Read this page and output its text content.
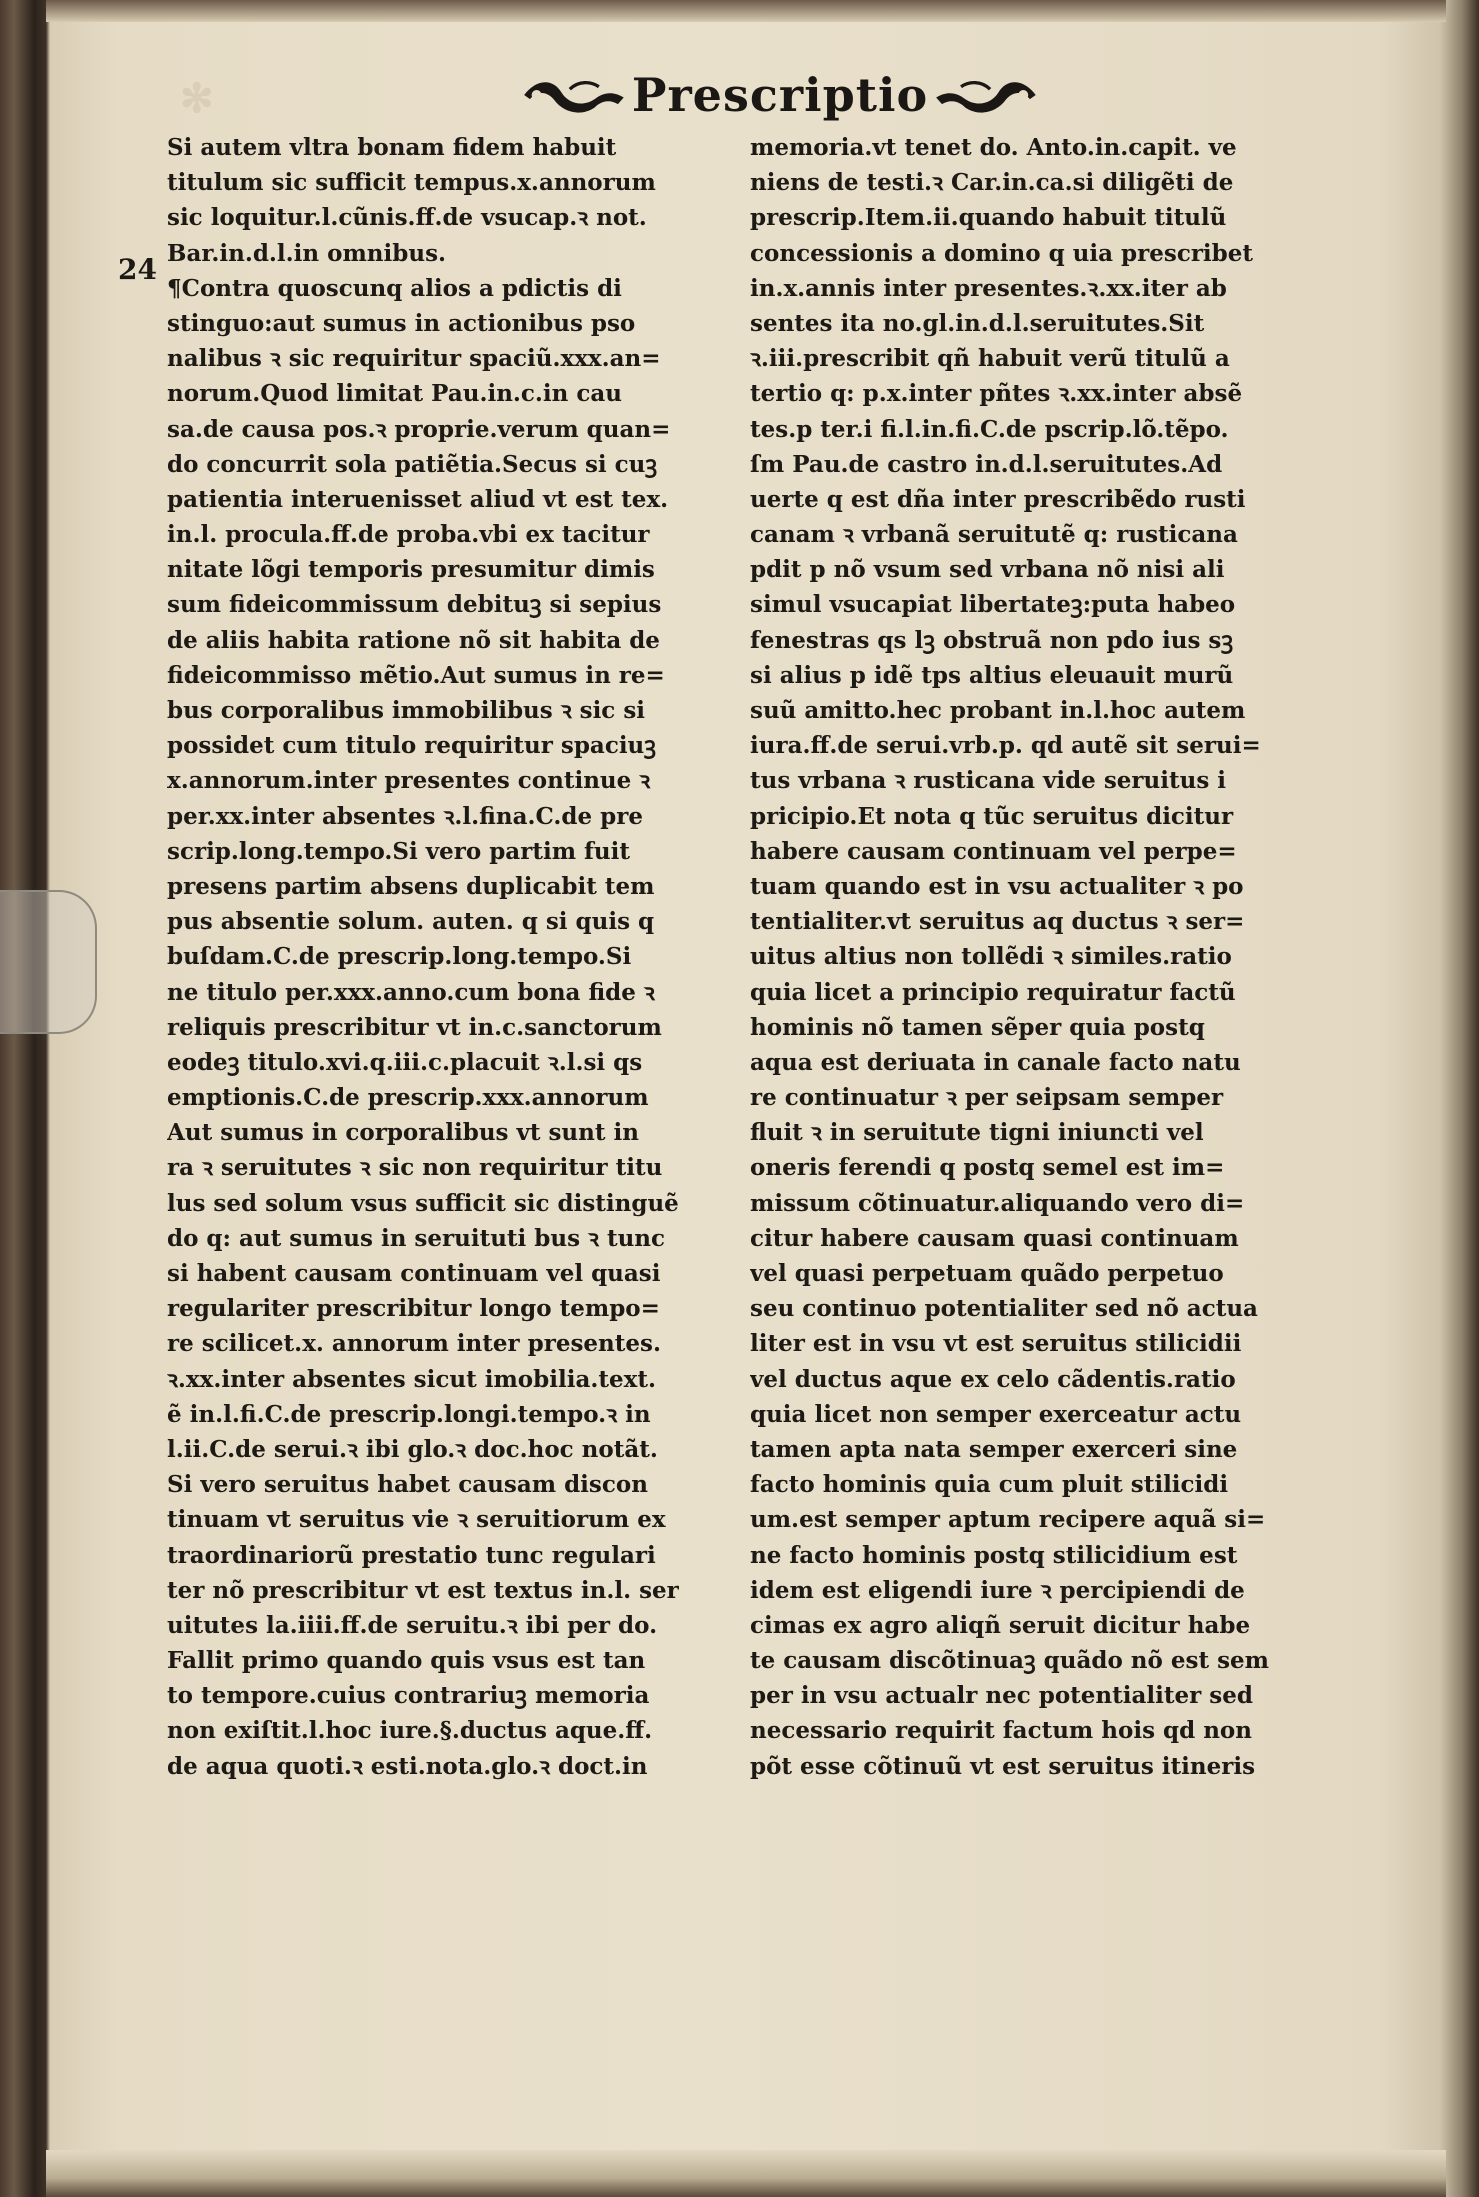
✻	Prescriptio
24
Si autem vltra bonam fidem habuit
titulum sic sufficit tempus.x.annorum
sic loquitur.l.cũnis.ff.de vsucap.ꝛ not.
Bar.in.d.l.in omnibus.
¶Contra quoscunq alios a pdictis di
stinguo:aut sumus in actionibus pso
nalibus ꝛ sic requiritur spaciũ.xxx.an=
norum.Quod limitat Pau.in.c.in cau
sa.de causa pos.ꝛ proprie.verum quan=
do concurrit sola patiẽtia.Secus si cuꝫ
patientia interuenisset aliud vt est tex.
in.l. procula.ff.de proba.vbi ex tacitur
nitate lõgi temporis presumitur dimis
sum fideicommissum debituꝫ si sepius
de aliis habita ratione nõ sit habita de
fideicommisso mẽtio.Aut sumus in re=
bus corporalibus immobilibus ꝛ sic si
possidet cum titulo requiritur spaciuꝫ
x.annorum.inter presentes continue ꝛ
per.xx.inter absentes ꝛ.l.fina.C.de pre
scrip.long.tempo.Si vero partim fuit
presens partim absens duplicabit tem
pus absentie solum. auten. q si quis q
buſdam.C.de prescrip.long.tempo.Si
ne titulo per.xxx.anno.cum bona fide ꝛ
reliquis prescribitur vt in.c.sanctorum
eodeꝫ titulo.xvi.q.iii.c.placuit ꝛ.l.si qs
emptionis.C.de prescrip.xxx.annorum
Aut sumus in corporalibus vt sunt in
ra ꝛ seruitutes ꝛ sic non requiritur titu
lus sed solum vsus sufficit sic distinguẽ
do q: aut sumus in seruituti bus ꝛ tunc
si habent causam continuam vel quasi
regulariter prescribitur longo tempo=
re scilicet.x. annorum inter presentes.
ꝛ.xx.inter absentes sicut imobilia.text.
ẽ in.l.fi.C.de prescrip.longi.tempo.ꝛ in
l.ii.C.de serui.ꝛ ibi glo.ꝛ doc.hoc notãt.
Si vero seruitus habet causam discon
tinuam vt seruitus vie ꝛ seruitiorum ex
traordinariorũ prestatio tunc regulari
ter nõ prescribitur vt est textus in.l. ser
uitutes la.iiii.ff.de seruitu.ꝛ ibi per do.
Fallit primo quando quis vsus est tan
to tempore.cuius contrariuꝫ memoria
non exiſtit.l.hoc iure.§.ductus aque.ff.
de aqua quoti.ꝛ esti.nota.glo.ꝛ doct.in
memoria.vt tenet do. Anto.in.capit. ve
niens de testi.ꝛ Car.in.ca.si diligẽti de
prescrip.Item.ii.quando habuit titulũ
concessionis a domino q uia prescribet
in.x.annis inter presentes.ꝛ.xx.iter ab
sentes ita no.gl.in.d.l.seruitutes.Sit
ꝛ.iii.prescribit qñ habuit verũ titulũ a
tertio q: p.x.inter pñtes ꝛ.xx.inter absẽ
tes.p ter.i fi.l.in.fi.C.de pscrip.lõ.tẽpo.
ſm Pau.de castro in.d.l.seruitutes.Ad
uerte q est dña inter prescribẽdo rusti
canam ꝛ vrbanã seruitutẽ q: rusticana
pdit p nõ vsum sed vrbana nõ nisi ali
simul vsucapiat libertateꝫ:puta habeo
fenestras qs lꝫ obstruã non pdo ius sꝫ
si alius p idẽ tps altius eleuauit murũ
suũ amitto.hec probant in.l.hoc autem
iura.ff.de serui.vrb.p. qd autẽ sit serui=
tus vrbana ꝛ rusticana vide seruitus i
pricipio.Et nota q tũc seruitus dicitur
habere causam continuam vel perpe=
tuam quando est in vsu actualiter ꝛ po
tentialiter.vt seruitus aq ductus ꝛ ser=
uitus altius non tollẽdi ꝛ similes.ratio
quia licet a principio requiratur factũ
hominis nõ tamen sẽper quia postq
aqua est deriuata in canale facto natu
re continuatur ꝛ per seipsam semper
fluit ꝛ in seruitute tigni iniuncti vel
oneris ferendi q postq semel est im=
missum cõtinuatur.aliquando vero di=
citur habere causam quasi continuam
vel quasi perpetuam quãdo perpetuo
seu continuo potentialiter sed nõ actua
liter est in vsu vt est seruitus stilicidii
vel ductus aque ex celo cãdentis.ratio
quia licet non semper exerceatur actu
tamen apta nata semper exerceri sine
facto hominis quia cum pluit stilicidi
um.est semper aptum recipere aquã si=
ne facto hominis postq stilicidium est
idem est eligendi iure ꝛ percipiendi de
cimas ex agro aliqñ seruit dicitur habe
te causam discõtinuaꝫ quãdo nõ est sem
per in vsu actualr nec potentialiter sed
necessario requirit factum hois qd non
põt esse cõtinuũ vt est seruitus itineris
